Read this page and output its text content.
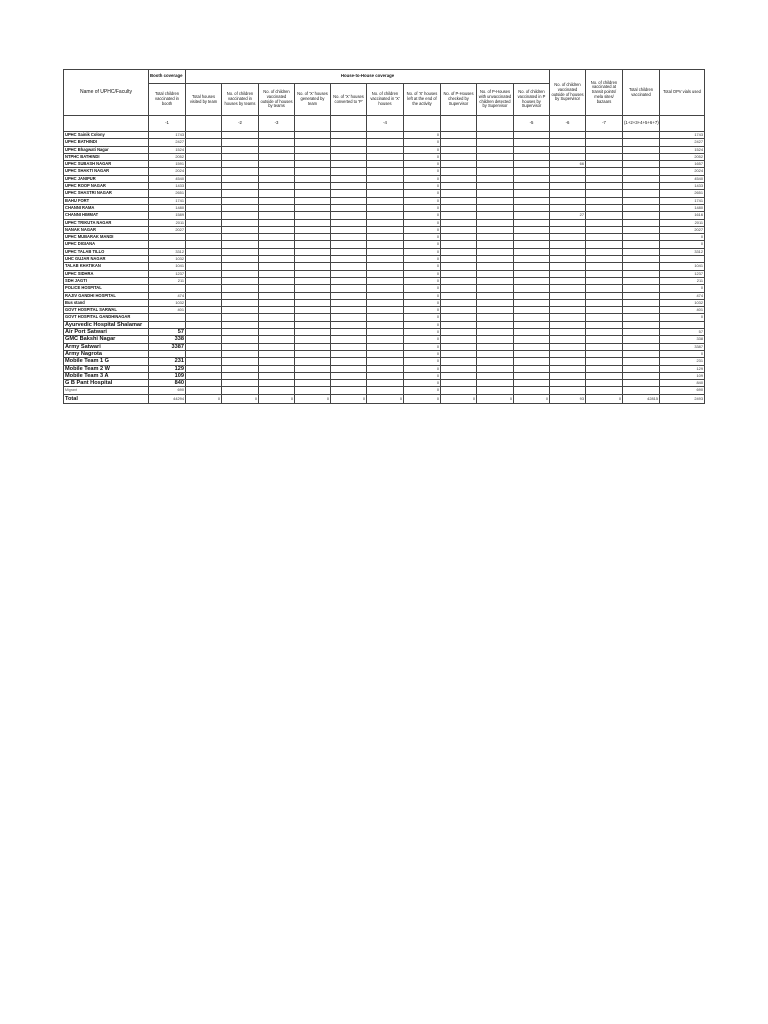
Name of UPHC/Faculty	Booth coverage	House-to-House coverage										No. of children vaccinated outside of houses by Supervisor	No. of children vaccinated at transit points/ mela sites/ bazaars	Total children vaccinated	Total OPV vials used	
	Total children vaccinated in booth	Total houses visited by team	No. of children vaccinated in houses by teams	No. of children vaccinated outside of houses by teams	No. of 'X' houses generated by team	No. of 'X' houses converted to 'P'	No. of children vaccinated in 'X' houses	No. of 'X' houses left at the end of the activity	No. of P-Houses checked by Supervisor	No. of P-Houses with unvaccinated children detected by Supervisor	No. of children vaccinated in P houses by Supervisor					
	-1		-2	-3			-4				-5	-6	-7	(1+2+3+4+5+6+7)		
UPHC Sainik Colony	1743							0							1743	
UPHC BATHINDI	2427							0							2427	
UPHC Bhagwati Nagar	1524							0							1524	
NTPHC BATHINDI	2052							0							2052	
UPHC SUBASH NAGAR	1591							0				66			1657	
UPHC SHAKTI NAGAR	2024							0							2024	
UPHC JANIPUR	4540							0							4540	
UPHC ROOP NAGAR	1433							0							1433	
UPHC SHASTRI NAGAR	2651							0							2651	
BAHU FORT	1741							0							1741	
CHANNI RAMA	1480							0							1480	
CHANNI HIMMAT	1589							0				27			1616	
UPHC TRIKUTA NAGAR	2011							0							2011	
NANAK NAGAR	2027							0							2027	
UPHC MUBARAK MANDI								0							0	
UPHC DIGIANA								0							0	
UPHC TALAB TILLO	3312							0							3312	
UHC GUJAR NAGAR	1032							0								
TALAB KHATIKAN	1041							0							1041	
UPHC SIDHRA	1237							0							1237	
SDH JAGTI	211							0							211	
POLICE HOSPITAL								0							0	
RAJIV GANDHI HOSPITAL	474							0							474	
Bus stand	1032							0							1032	
GOVT HOSPITAL SARWAL	401							0							401	
GOVT HOSPITAL GANDHINAGAR								0							0	
Ayurvedic Hospital Shalamar								0								
Air Port Satwari	57							0							57	
GMC Bakshi Nagar	338							0							338	
Army Satwari	3387							0							3387	
Army Nagrota								0							0	
Mobile Team 1 G	231							0							231	
Mobile Team 2 W	129							0							129	
Mobile Team 3 A	109							0							109	
G B Pant Hospital	840							0							840	
Migrant	690							0							690	
Total	44294	0	0	0	0	0	0	0	0	0	0	93	0	42815	2493	
